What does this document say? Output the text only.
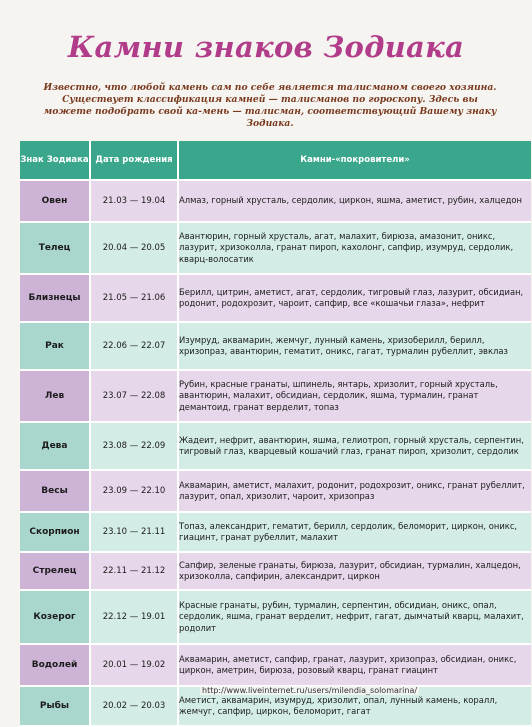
Камни знаков Зодиака
Известно, что любой камень сам по себе является талисманом своего хозяина. Существует классификация камней — талисманов по гороскопу. Здесь вы можете подобрать свой ка-мень — талисман, соответствующий Вашему знаку Зодиака.
Знак Зодиака	Дата рождения	Камни-«покровители»
Овен	21.03 — 19.04	Алмаз, горный хрусталь, сердолик, циркон, яшма, аметист, рубин, халцедон
Телец	20.04 — 20.05	Авантюрин, горный хрусталь, агат, малахит, бирюза, амазонит, оникс, лазурит, хризоколла, гранат пироп, кахолонг, сапфир, изумруд, сердолик, кварц-волосатик
Близнецы	21.05 — 21.06	Берилл, цитрин, аметист, агат, сердолик, тигровый глаз, лазурит, обсидиан, родонит, родохрозит, чароит, сапфир, все «кошачьи глаза», нефрит
Рак	22.06 — 22.07	Изумруд, аквамарин, жемчуг, лунный камень, хризоберилл, берилл, хризопраз, авантюрин, гематит, оникс, гагат, турмалин рубеллит, эвклаз
Лев	23.07 — 22.08	Рубин, красные гранаты, шпинель, янтарь, хризолит, горный хрусталь, авантюрин, малахит, обсидиан, сердолик, яшма, турмалин, гранат демантоид, гранат верделит, топаз
Дева	23.08 — 22.09	Жадеит, нефрит, авантюрин, яшма, гелиотроп, горный хрусталь, серпентин, тигровый глаз, кварцевый кошачий глаз, гранат пироп, хризолит, сердолик
Весы	23.09 — 22.10	Аквамарин, аметист, малахит, родонит, родохрозит, оникс, гранат рубеллит, лазурит, опал, хризолит, чароит, хризопраз
Скорпион	23.10 — 21.11	Топаз, александрит, гематит, берилл, сердолик, беломорит, циркон, оникс, гиацинт, гранат рубеллит, малахит
Стрелец	22.11 — 21.12	Сапфир, зеленые гранаты, бирюза, лазурит, обсидиан, турмалин, халцедон, хризоколла, сапфирин, александрит, циркон
Козерог	22.12 — 19.01	Красные гранаты, рубин, турмалин, серпентин, обсидиан, оникс, опал, сердолик, яшма, гранат верделит, нефрит, гагат, дымчатый кварц, малахит, родолит
Водолей	20.01 — 19.02	Аквамарин, аметист, сапфир, гранат, лазурит, хризопраз, обсидиан, оникс, циркон, аметрин, бирюза, розовый кварц, гранат гиацинт
Рыбы	20.02 — 20.03	Аметист, аквамарин, изумруд, хризолит, опал, лунный камень, коралл, жемчуг, сапфир, циркон, беломорит, гагат
http://www.liveinternet.ru/users/milendia_solomarina/
